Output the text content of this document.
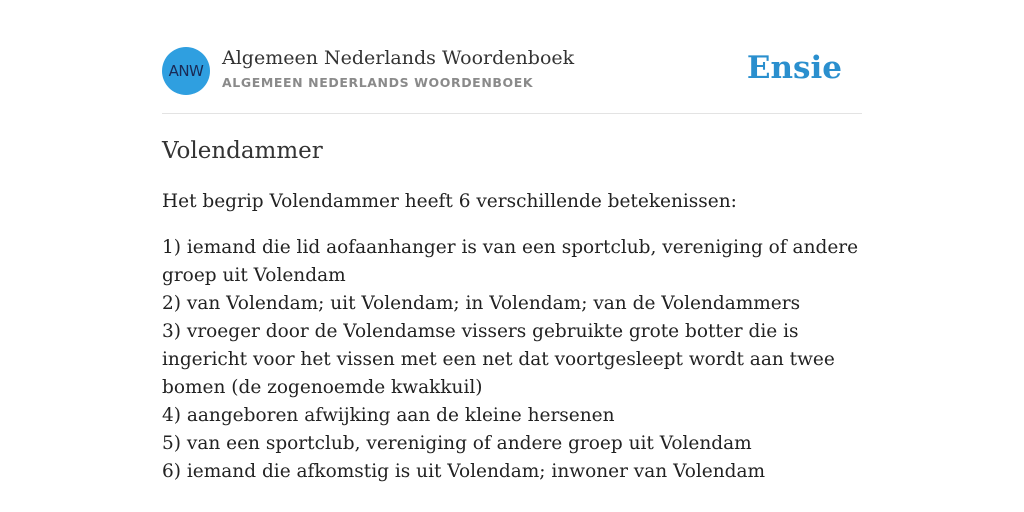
ANW
Algemeen Nederlands Woordenboek
ALGEMEEN NEDERLANDS WOORDENBOEK	Ensie
Volendammer

Het begrip Volendammer heeft 6 verschillende betekenissen:

1) iemand die lid aofaanhanger is van een sportclub, vereniging of andere groep uit Volendam
2) van Volendam; uit Volendam; in Volendam; van de Volendammers
3) vroeger door de Volendamse vissers gebruikte grote botter die is ingericht voor het vissen met een net dat voortgesleept wordt aan twee bomen (de zogenoemde kwakkuil)
4) aangeboren afwijking aan de kleine hersenen
5) van een sportclub, vereniging of andere groep uit Volendam
6) iemand die afkomstig is uit Volendam; inwoner van Volendam
